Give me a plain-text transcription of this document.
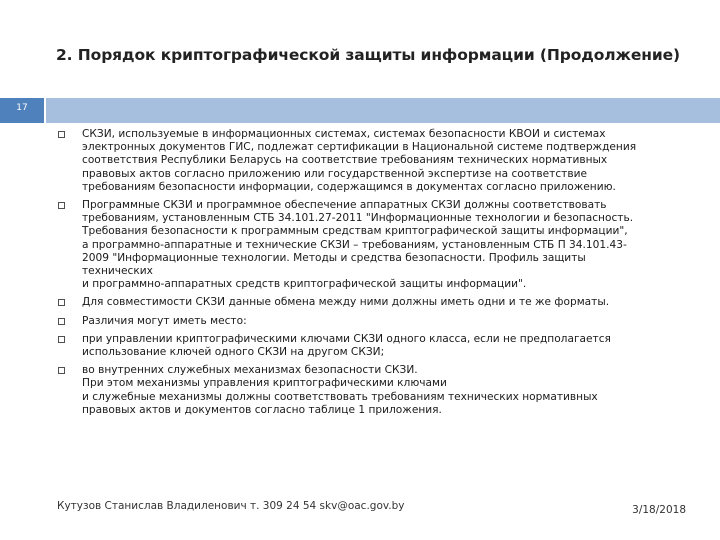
2. Порядок криптографической защиты информации (Продолжение)
17
СКЗИ, используемые в информационных системах, системах безопасности КВОИ и системах
электронных документов ГИС, подлежат сертификации в Национальной системе подтверждения
соответствия Республики Беларусь на соответствие требованиям технических нормативных
правовых актов согласно приложению или государственной экспертизе на соответствие
требованиям безопасности информации, содержащимся в документах согласно приложению.
Программные СКЗИ и программное обеспечение аппаратных СКЗИ должны соответствовать
требованиям, установленным СТБ 34.101.27-2011 "Информационные технологии и безопасность.
Требования безопасности к программным средствам криптографической защиты информации",
а программно-аппаратные и технические СКЗИ – требованиям, установленным СТБ П 34.101.43-
2009 "Информационные технологии. Методы и средства безопасности. Профиль защиты
технических
и программно-аппаратных средств криптографической защиты информации".
Для совместимости СКЗИ данные обмена между ними должны иметь одни и те же форматы.
Различия могут иметь место:
при управлении криптографическими ключами СКЗИ одного класса, если не предполагается
использование ключей одного СКЗИ на другом СКЗИ;
во внутренних служебных механизмах безопасности СКЗИ.
При этом механизмы управления криптографическими ключами
и служебные механизмы должны соответствовать требованиям технических нормативных
правовых актов и документов согласно таблице 1 приложения.
Кутузов Станислав Владиленович т. 309 24 54 skv@oac.gov.by	3/18/2018
